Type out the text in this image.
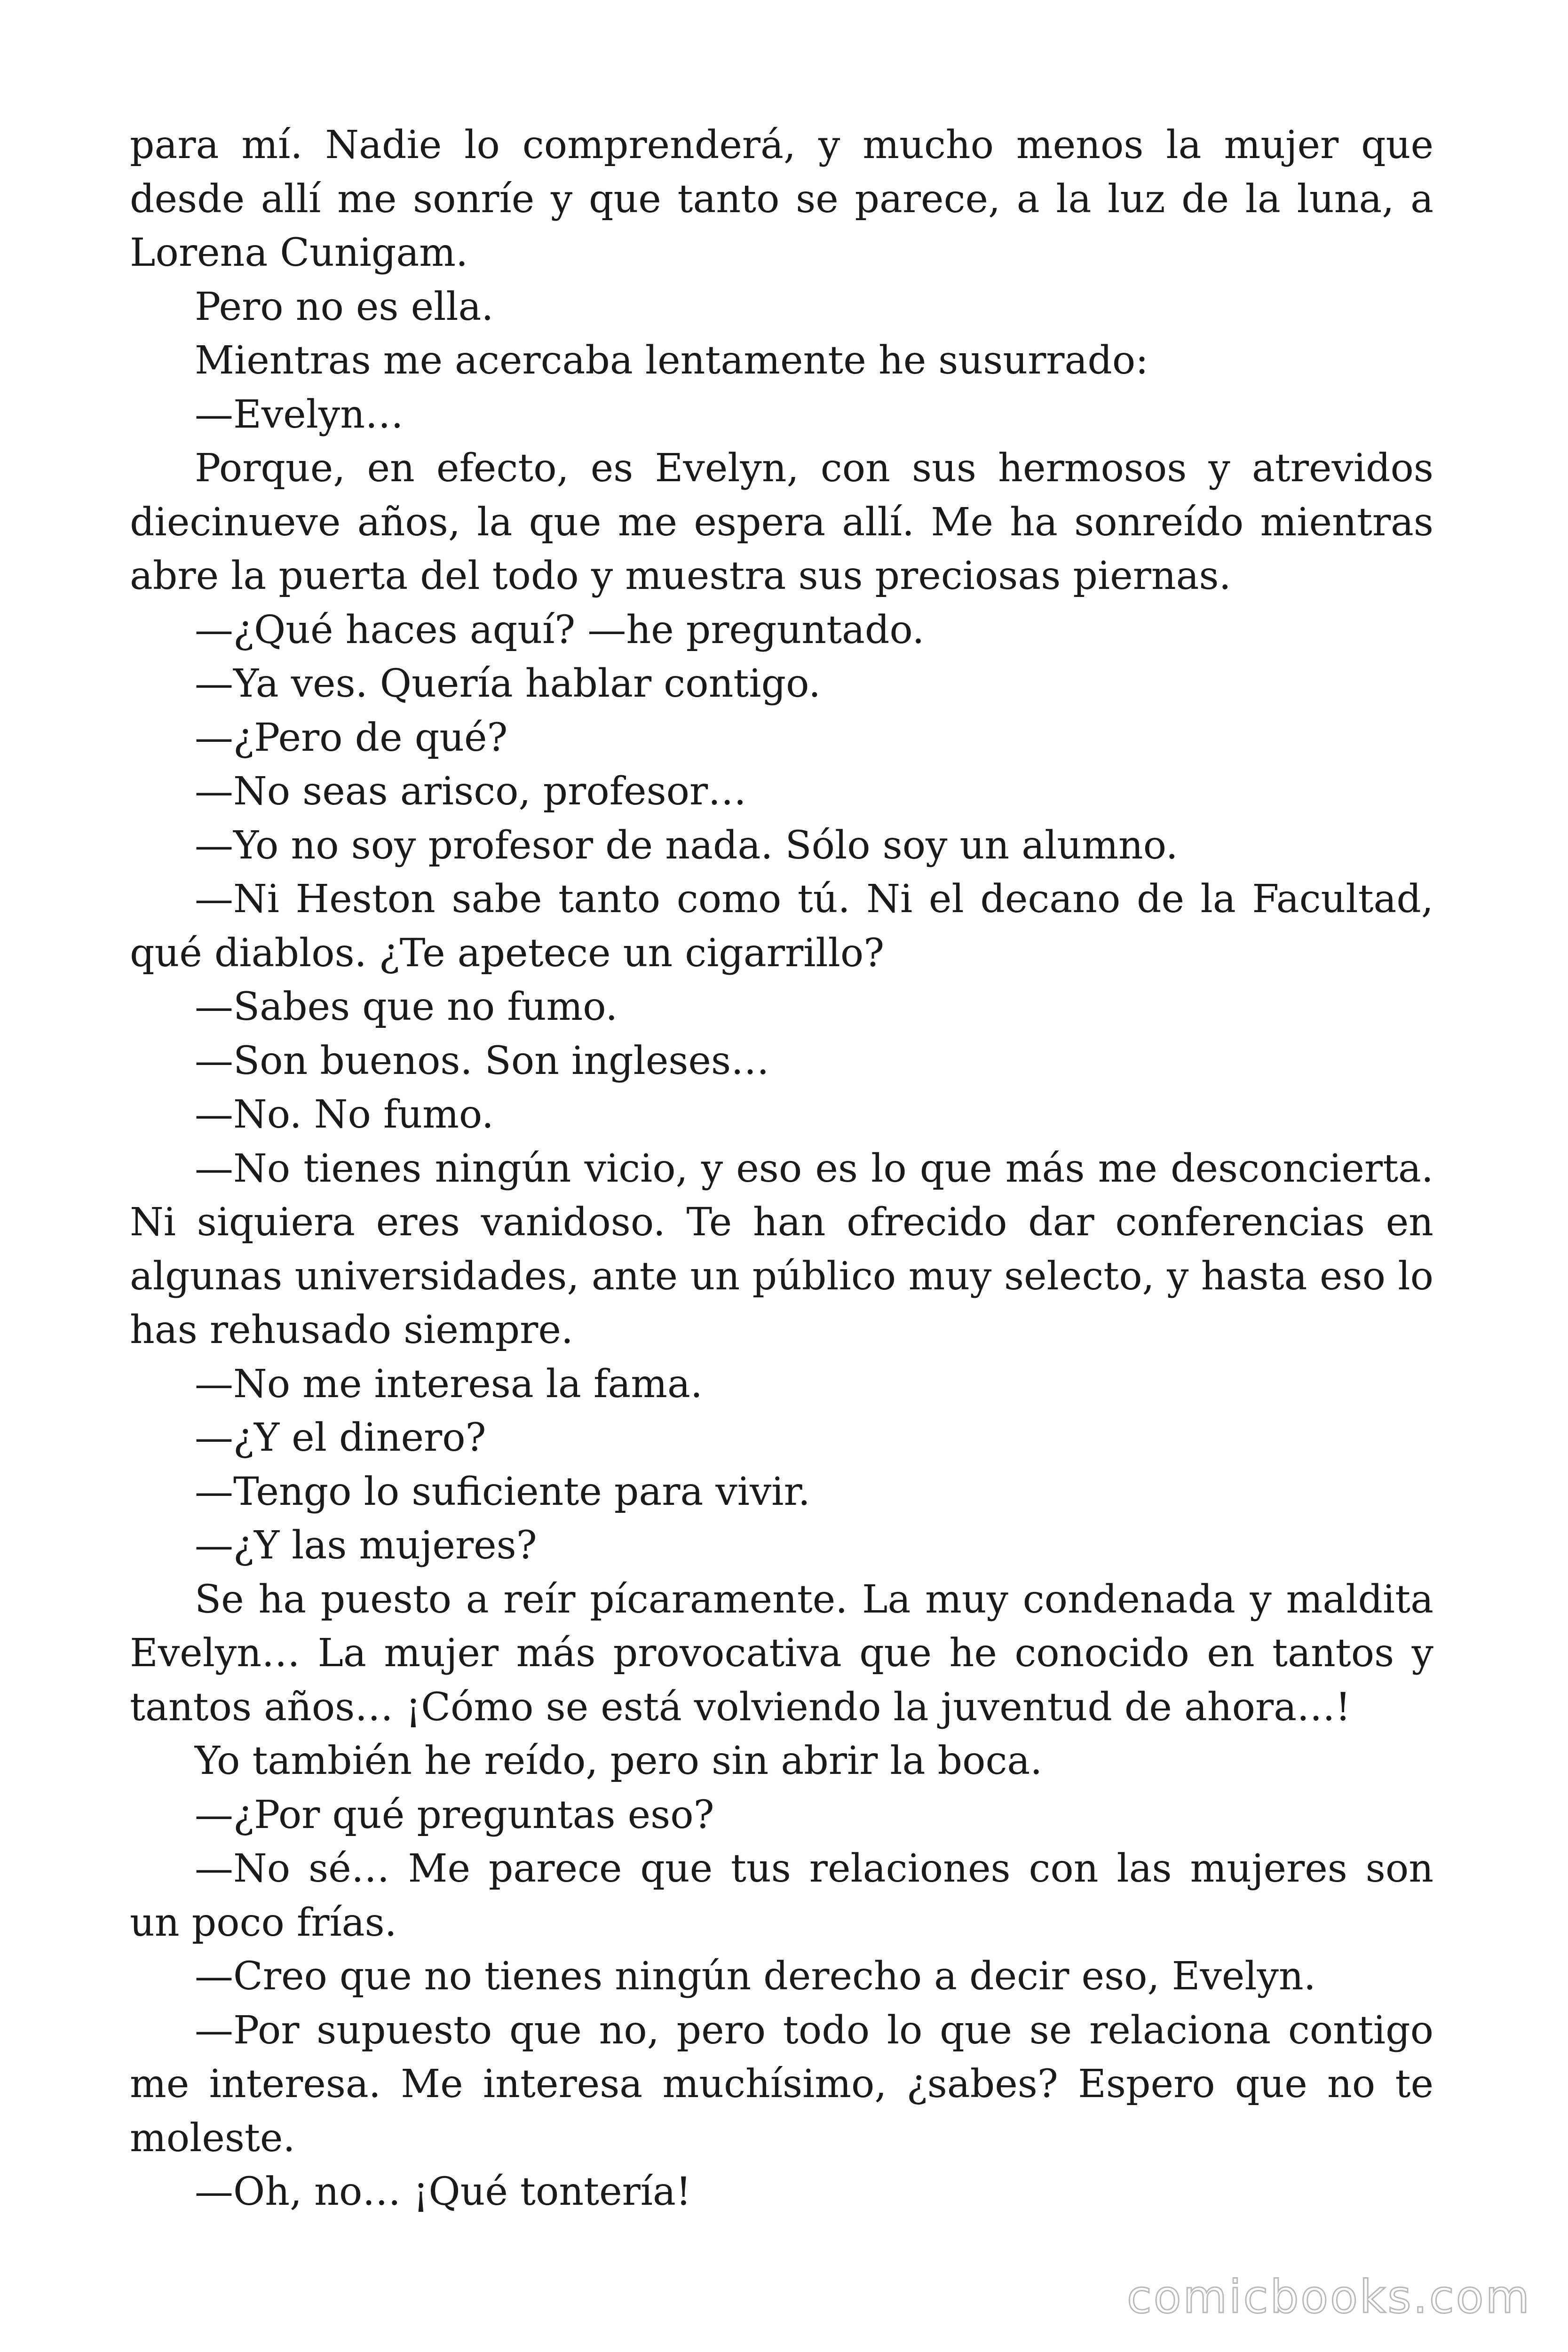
para mí. Nadie lo comprenderá, y mucho menos la mujer que desde allí me sonríe y que tanto se parece, a la luz de la luna, a Lorena Cunigam.

Pero no es ella.

Mientras me acercaba lentamente he susurrado:

—Evelyn…

Porque, en efecto, es Evelyn, con sus hermosos y atrevidos diecinueve años, la que me espera allí. Me ha sonreído mientras abre la puerta del todo y muestra sus preciosas piernas.

—¿Qué haces aquí? —he preguntado.

—Ya ves. Quería hablar contigo.

—¿Pero de qué?

—No seas arisco, profesor…

—Yo no soy profesor de nada. Sólo soy un alumno.

—Ni Heston sabe tanto como tú. Ni el decano de la Facultad, qué diablos. ¿Te apetece un cigarrillo?

—Sabes que no fumo.

—Son buenos. Son ingleses…

—No. No fumo.

—No tienes ningún vicio, y eso es lo que más me desconcierta. Ni siquiera eres vanidoso. Te han ofrecido dar conferencias en algunas universidades, ante un público muy selecto, y hasta eso lo has rehusado siempre.

—No me interesa la fama.

—¿Y el dinero?

—Tengo lo suficiente para vivir.

—¿Y las mujeres?

Se ha puesto a reír pícaramente. La muy condenada y maldita Evelyn… La mujer más provocativa que he conocido en tantos y tantos años… ¡Cómo se está volviendo la juventud de ahora…!

Yo también he reído, pero sin abrir la boca.

—¿Por qué preguntas eso?

—No sé… Me parece que tus relaciones con las mujeres son un poco frías.

—Creo que no tienes ningún derecho a decir eso, Evelyn.

—Por supuesto que no, pero todo lo que se relaciona contigo me interesa. Me interesa muchísimo, ¿sabes? Espero que no te moleste.

—Oh, no… ¡Qué tontería!

comicbooks.com
